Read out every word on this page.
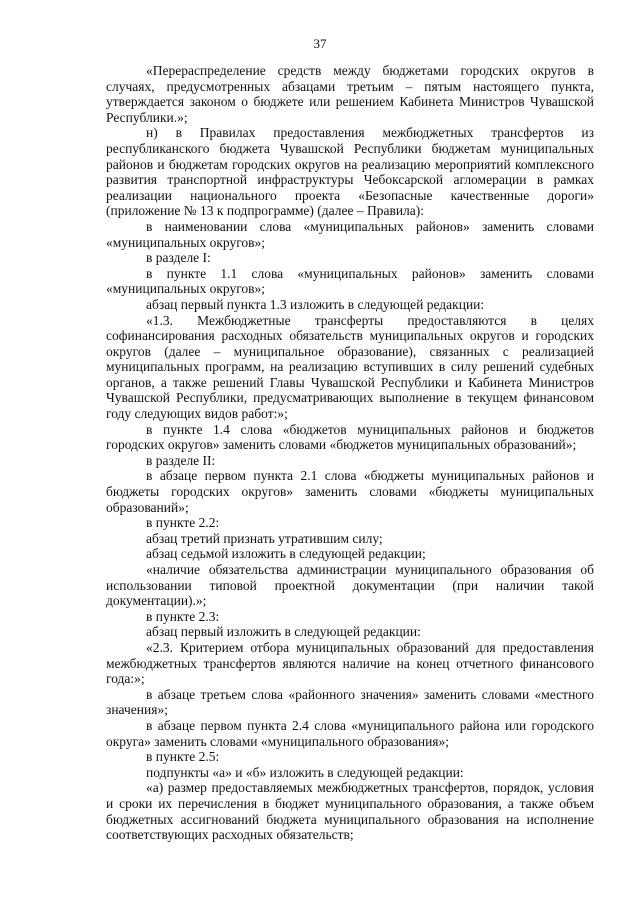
37

«Перераспределение средств между бюджетами городских округов в случаях, предусмотренных абзацами третьим – пятым настоящего пункта, утверждается законом о бюджете или решением Кабинета Министров Чувашской Республики.»;

н) в Правилах предоставления межбюджетных трансфертов из республиканского бюджета Чувашской Республики бюджетам муниципальных районов и бюджетам городских округов на реализацию мероприятий комплексного развития транспортной инфраструктуры Чебоксарской агломерации в рамках реализации национального проекта «Безопасные качественные дороги» (приложение № 13 к подпрограмме) (далее – Правила):

в наименовании слова «муниципальных районов» заменить словами «муниципальных округов»;

в разделе I:

в пункте 1.1 слова «муниципальных районов» заменить словами «муниципальных округов»;

абзац первый пункта 1.3 изложить в следующей редакции:

«1.3. Межбюджетные трансферты предоставляются в целях софинансирования расходных обязательств муниципальных округов и городских округов (далее – муниципальное образование), связанных с реализацией муниципальных программ, на реализацию вступивших в силу решений судебных органов, а также решений Главы Чувашской Республики и Кабинета Министров Чувашской Республики, предусматривающих выполнение в текущем финансовом году следующих видов работ:»;

в пункте 1.4 слова «бюджетов муниципальных районов и бюджетов городских округов» заменить словами «бюджетов муниципальных образований»;

в разделе II:

в абзаце первом пункта 2.1 слова «бюджеты муниципальных районов и бюджеты городских округов» заменить словами «бюджеты муниципальных образований»;

в пункте 2.2:

абзац третий признать утратившим силу;

абзац седьмой изложить в следующей редакции;

«наличие обязательства администрации муниципального образования об использовании типовой проектной документации (при наличии такой документации).»;

в пункте 2.3:

абзац первый изложить в следующей редакции:

«2.3. Критерием отбора муниципальных образований для предоставления межбюджетных трансфертов являются наличие на конец отчетного финансового года:»;

в абзаце третьем слова «районного значения» заменить словами «местного значения»;

в абзаце первом пункта 2.4 слова «муниципального района или городского округа» заменить словами «муниципального образования»;

в пункте 2.5:

подпункты «а» и «б» изложить в следующей редакции:

«а) размер предоставляемых межбюджетных трансфертов, порядок, условия и сроки их перечисления в бюджет муниципального образования, а также объем бюджетных ассигнований бюджета муниципального образования на исполнение соответствующих расходных обязательств;
